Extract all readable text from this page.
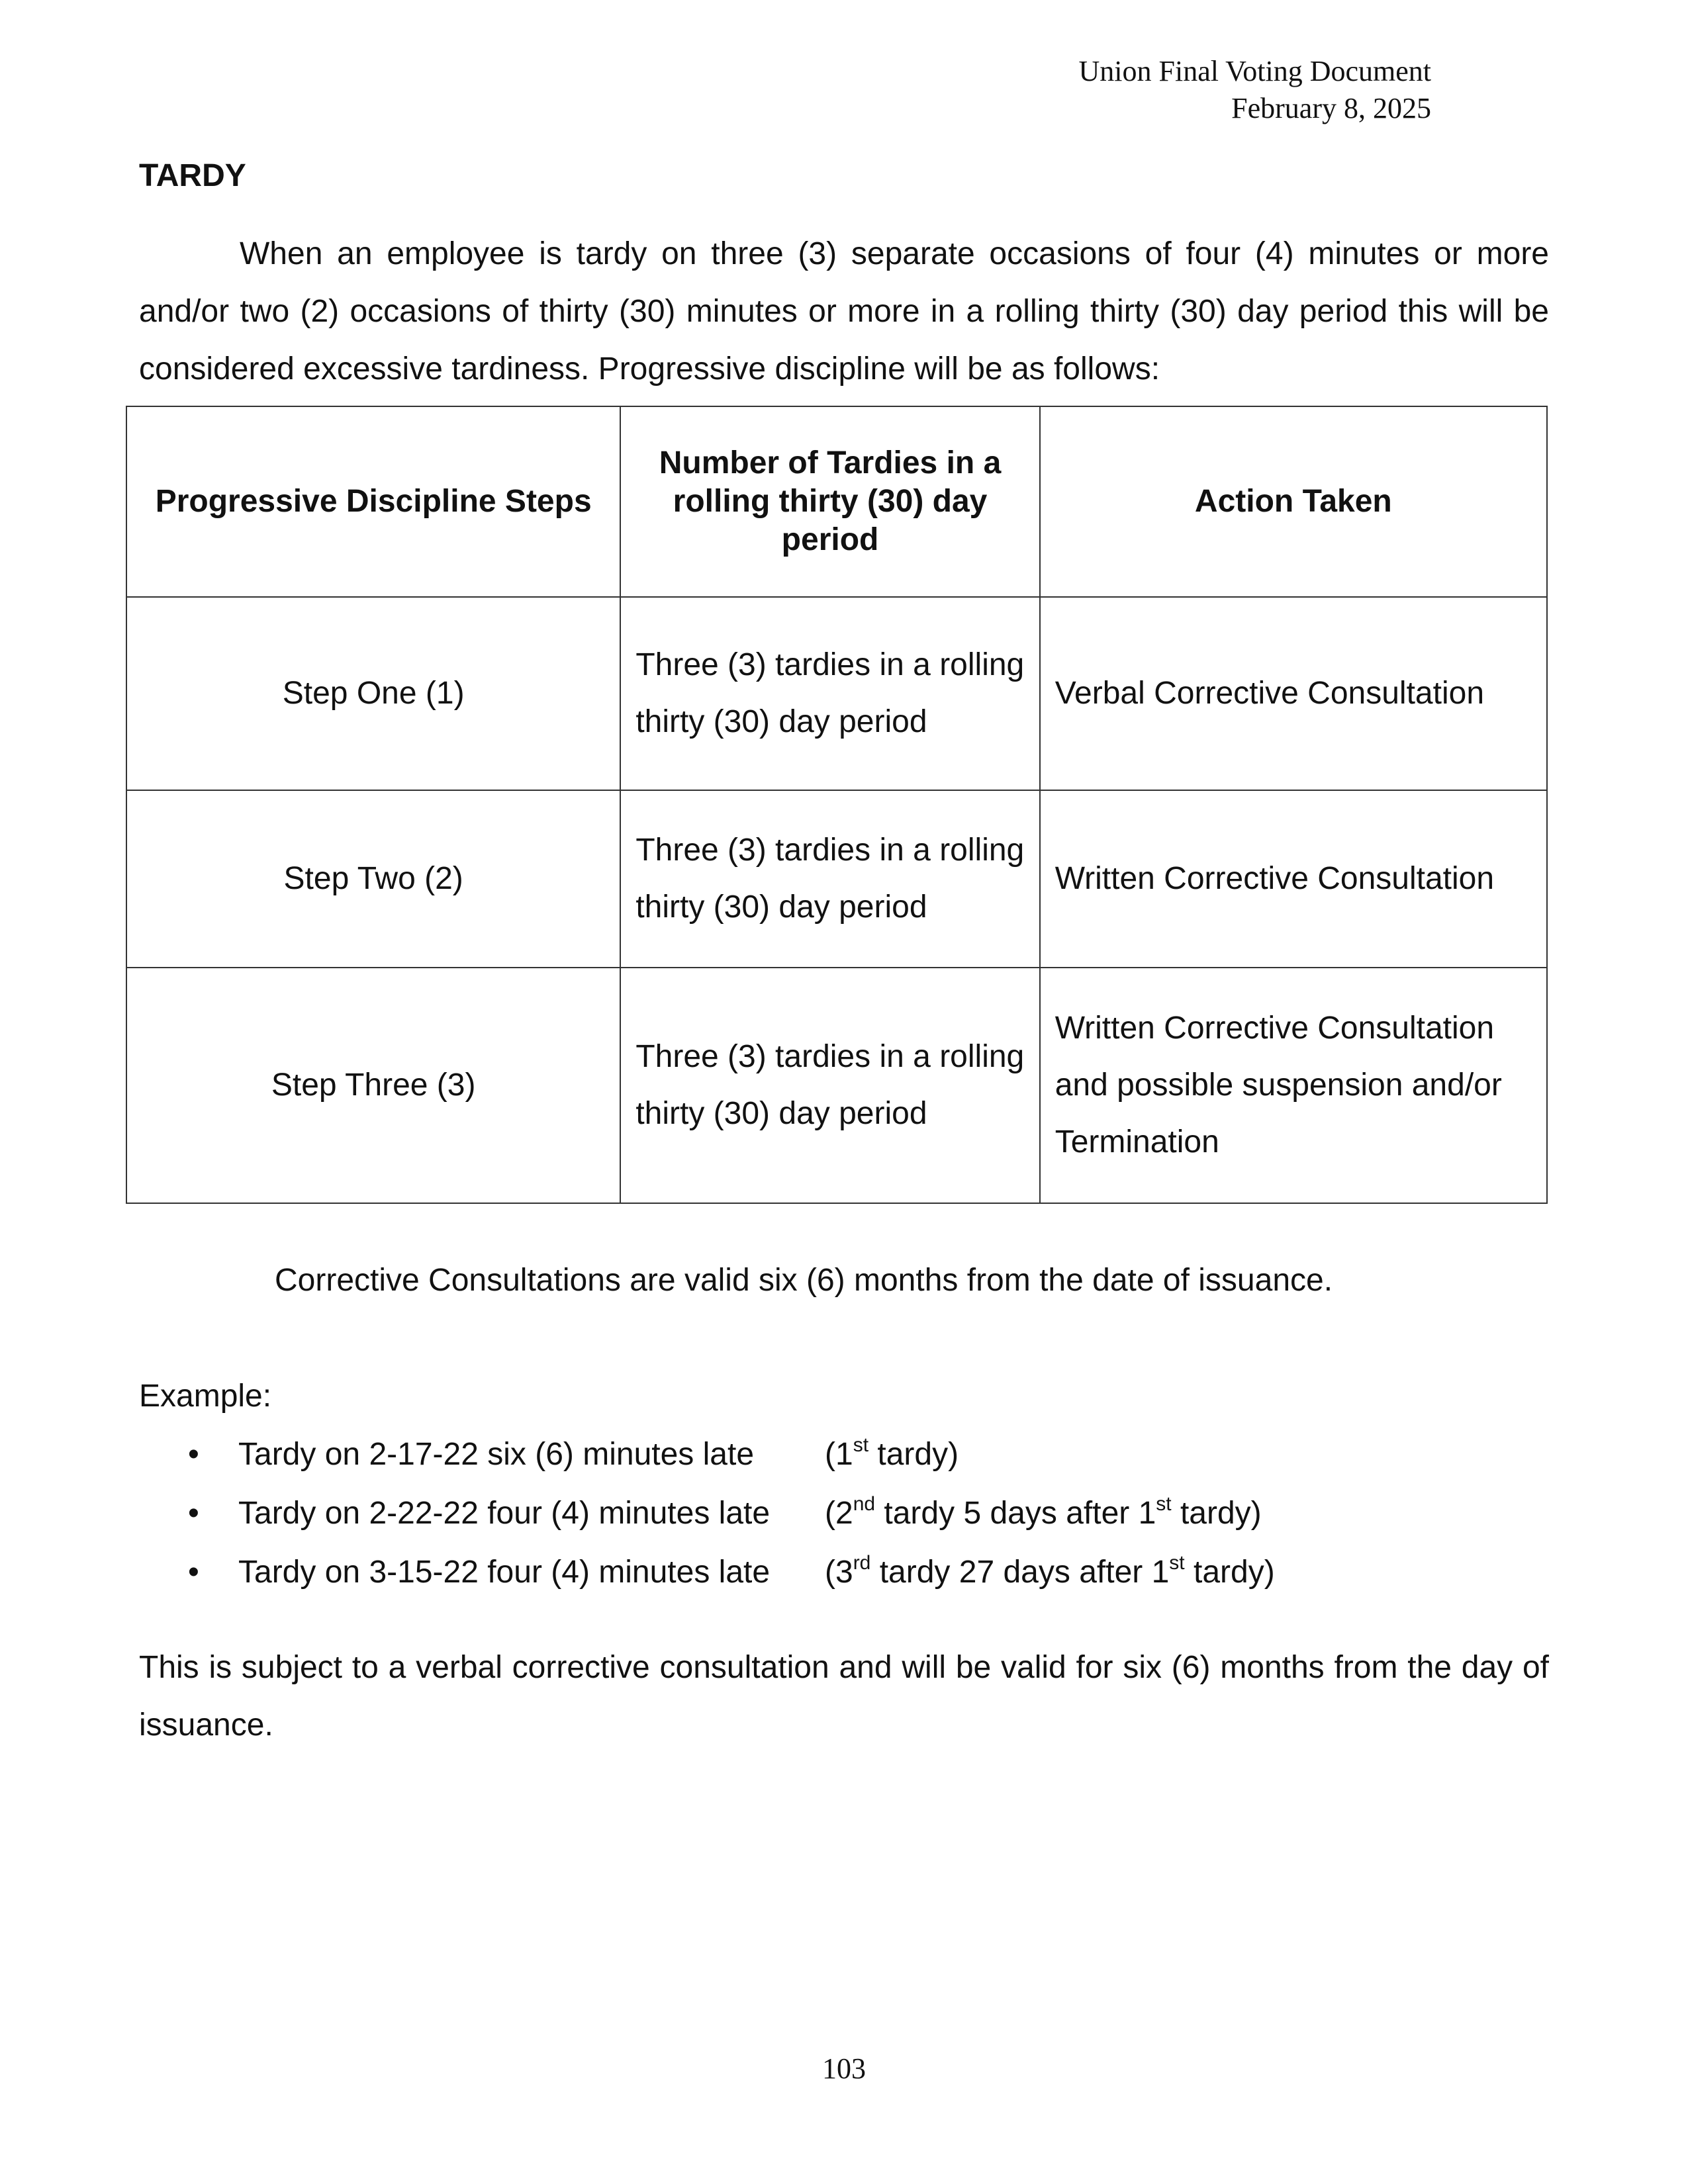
Union Final Voting Document
February 8, 2025
TARDY

When an employee is tardy on three (3) separate occasions of four (4) minutes or more and/or two (2) occasions of thirty (30) minutes or more in a rolling thirty (30) day period this will be considered excessive tardiness. Progressive discipline will be as follows:

Progressive Discipline Steps	Number of Tardies in a rolling thirty (30) day period	Action Taken
Step One (1)	Three (3) tardies in a rolling thirty (30) day period	Verbal Corrective Consultation
Step Two (2)	Three (3) tardies in a rolling thirty (30) day period	Written Corrective Consultation
Step Three (3)	Three (3) tardies in a rolling thirty (30) day period	Written Corrective Consultation and possible suspension and/or Termination
Corrective Consultations are valid six (6) months from the date of issuance.
Example:
• Tardy on 2-17-22 six (6) minutes late (1st tardy)
• Tardy on 2-22-22 four (4) minutes late (2nd tardy 5 days after 1st tardy)
• Tardy on 3-15-22 four (4) minutes late (3rd tardy 27 days after 1st tardy)

This is subject to a verbal corrective consultation and will be valid for six (6) months from the day of issuance.

103
